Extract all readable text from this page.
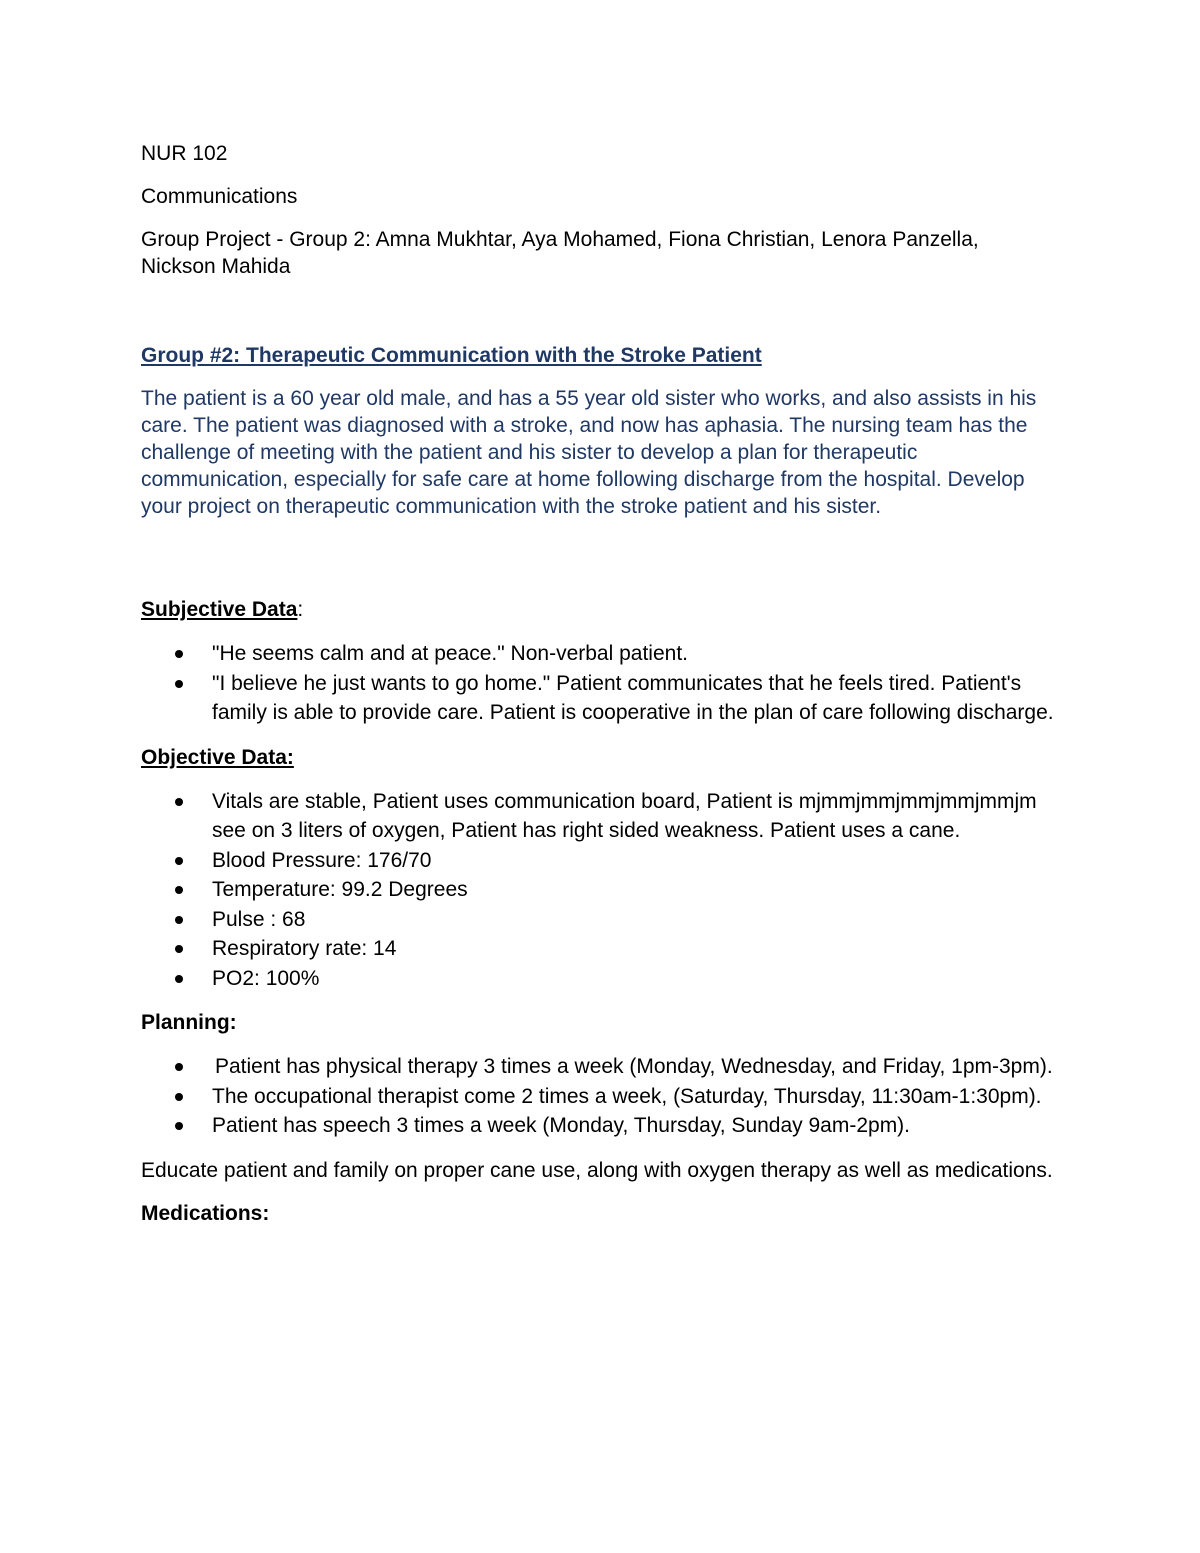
NUR 102

Communications

Group Project - Group 2: Amna Mukhtar, Aya Mohamed, Fiona Christian, Lenora Panzella, Nickson Mahida

Group #2: Therapeutic Communication with the Stroke Patient

The patient is a 60 year old male, and has a 55 year old sister who works, and also assists in his care. The patient was diagnosed with a stroke, and now has aphasia. The nursing team has the challenge of meeting with the patient and his sister to develop a plan for therapeutic communication, especially for safe care at home following discharge from the hospital. Develop your project on therapeutic communication with the stroke patient and his sister.

Subjective Data:

"He seems calm and at peace." Non-verbal patient.
"I believe he just wants to go home." Patient communicates that he feels tired. Patient's family is able to provide care. Patient is cooperative in the plan of care following discharge.

Objective Data:

Vitals are stable, Patient uses communication board, Patient is mjmmjmmjmmjmmjmmjm see on 3 liters of oxygen, Patient has right sided weakness. Patient uses a cane.
Blood Pressure: 176/70
Temperature: 99.2 Degrees
Pulse : 68
Respiratory rate: 14
PO2: 100%

Planning:

Patient has physical therapy 3 times a week (Monday, Wednesday, and Friday, 1pm-3pm).
The occupational therapist come 2 times a week, (Saturday, Thursday, 11:30am-1:30pm).
Patient has speech 3 times a week (Monday, Thursday, Sunday 9am-2pm).

Educate patient and family on proper cane use, along with oxygen therapy as well as medications.

Medications:
